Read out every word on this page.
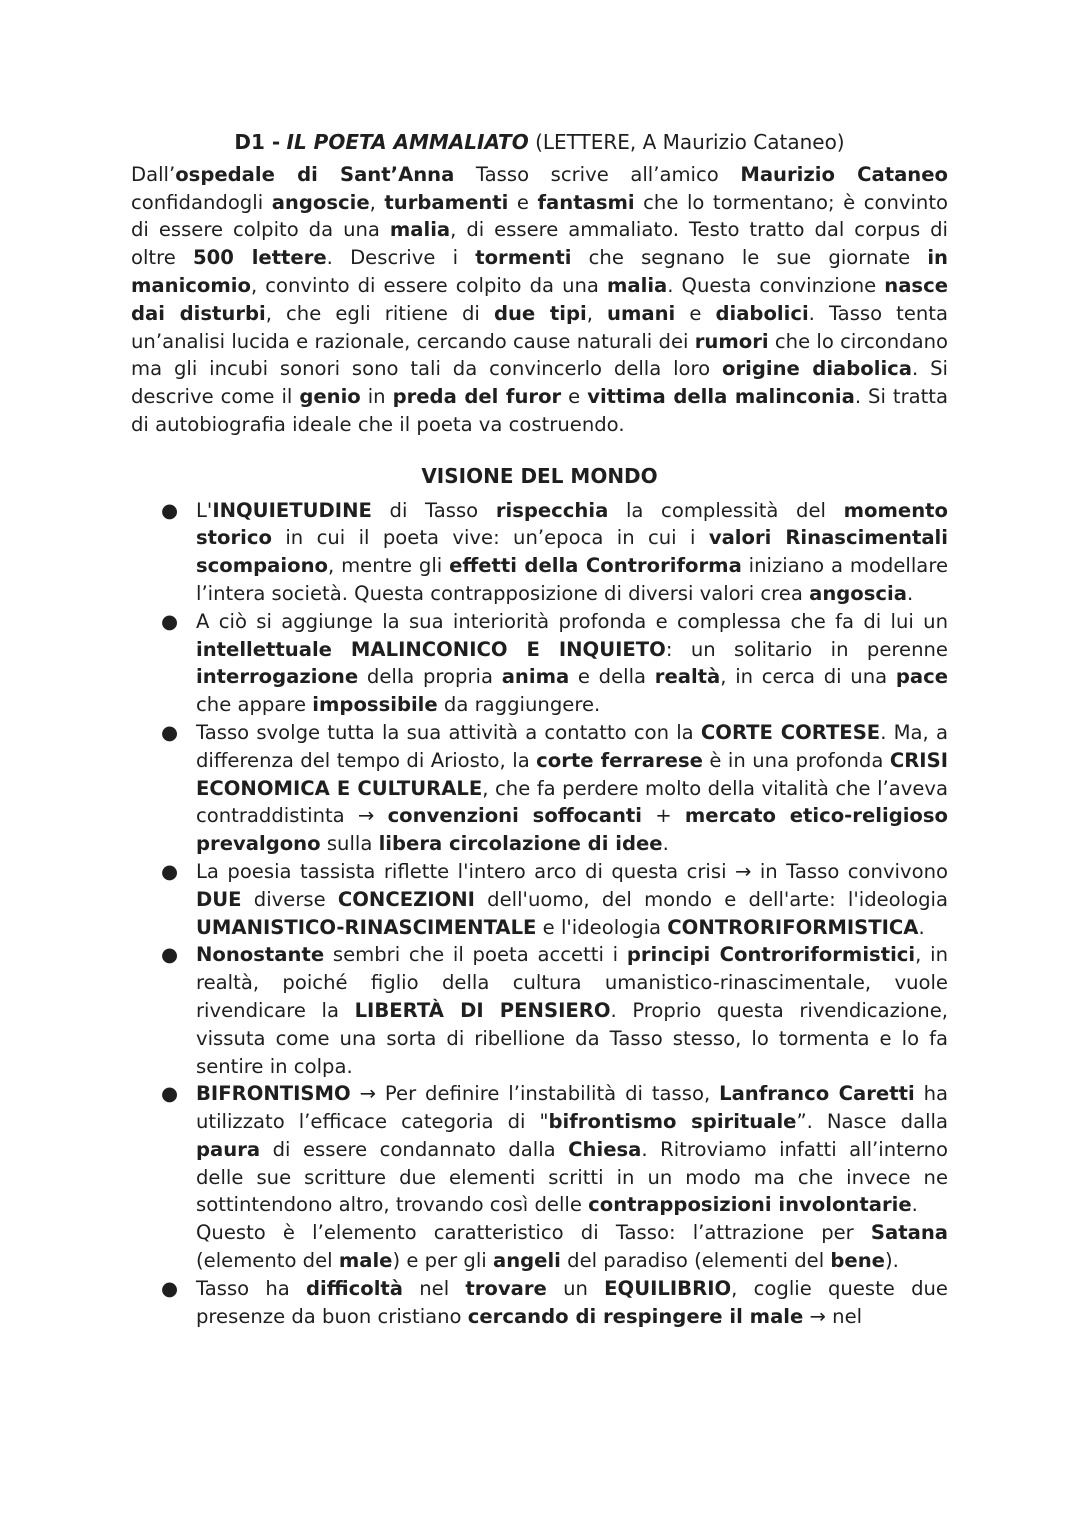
D1 - IL POETA AMMALIATO (LETTERE, A Maurizio Cataneo)

Dall’ospedale di Sant’Anna Tasso scrive all’amico Maurizio Cataneo confidandogli angoscie, turbamenti e fantasmi che lo tormentano; è convinto di essere colpito da una malia, di essere ammaliato. Testo tratto dal corpus di oltre 500 lettere. Descrive i tormenti che segnano le sue giornate in manicomio, convinto di essere colpito da una malia. Questa convinzione nasce dai disturbi, che egli ritiene di due tipi, umani e diabolici. Tasso tenta un’analisi lucida e razionale, cercando cause naturali dei rumori che lo circondano ma gli incubi sonori sono tali da convincerlo della loro origine diabolica. Si descrive come il genio in preda del furor e vittima della malinconia. Si tratta di autobiografia ideale che il poeta va costruendo.

VISIONE DEL MONDO
● L'INQUIETUDINE di Tasso rispecchia la complessità del momento storico in cui il poeta vive: un’epoca in cui i valori Rinascimentali scompaiono, mentre gli effetti della Controriforma iniziano a modellare l’intera società. Questa contrapposizione di diversi valori crea angoscia.
● A ciò si aggiunge la sua interiorità profonda e complessa che fa di lui un intellettuale MALINCONICO E INQUIETO: un solitario in perenne interrogazione della propria anima e della realtà, in cerca di una pace che appare impossibile da raggiungere.
● Tasso svolge tutta la sua attività a contatto con la CORTE CORTESE. Ma, a differenza del tempo di Ariosto, la corte ferrarese è in una profonda CRISI ECONOMICA E CULTURALE, che fa perdere molto della vitalità che l’aveva contraddistinta → convenzioni soffocanti + mercato etico-religioso prevalgono sulla libera circolazione di idee.
● La poesia tassista riflette l'intero arco di questa crisi → in Tasso convivono DUE diverse CONCEZIONI dell'uomo, del mondo e dell'arte: l'ideologia UMANISTICO-RINASCIMENTALE e l'ideologia CONTRORIFORMISTICA.
● Nonostante sembri che il poeta accetti i principi Controriformistici, in realtà, poiché figlio della cultura umanistico-rinascimentale, vuole rivendicare la LIBERTÀ DI PENSIERO. Proprio questa rivendicazione, vissuta come una sorta di ribellione da Tasso stesso, lo tormenta e lo fa sentire in colpa.
● BIFRONTISMO → Per definire l’instabilità di tasso, Lanfranco Caretti ha utilizzato l’efficace categoria di "bifrontismo spirituale”. Nasce dalla paura di essere condannato dalla Chiesa. Ritroviamo infatti all’interno delle sue scritture due elementi scritti in un modo ma che invece ne sottintendono altro, trovando così delle contrapposizioni involontarie.
Questo è l’elemento caratteristico di Tasso: l’attrazione per Satana (elemento del male) e per gli angeli del paradiso (elementi del bene).
● Tasso ha difficoltà nel trovare un EQUILIBRIO, coglie queste due presenze da buon cristiano cercando di respingere il male → nel
